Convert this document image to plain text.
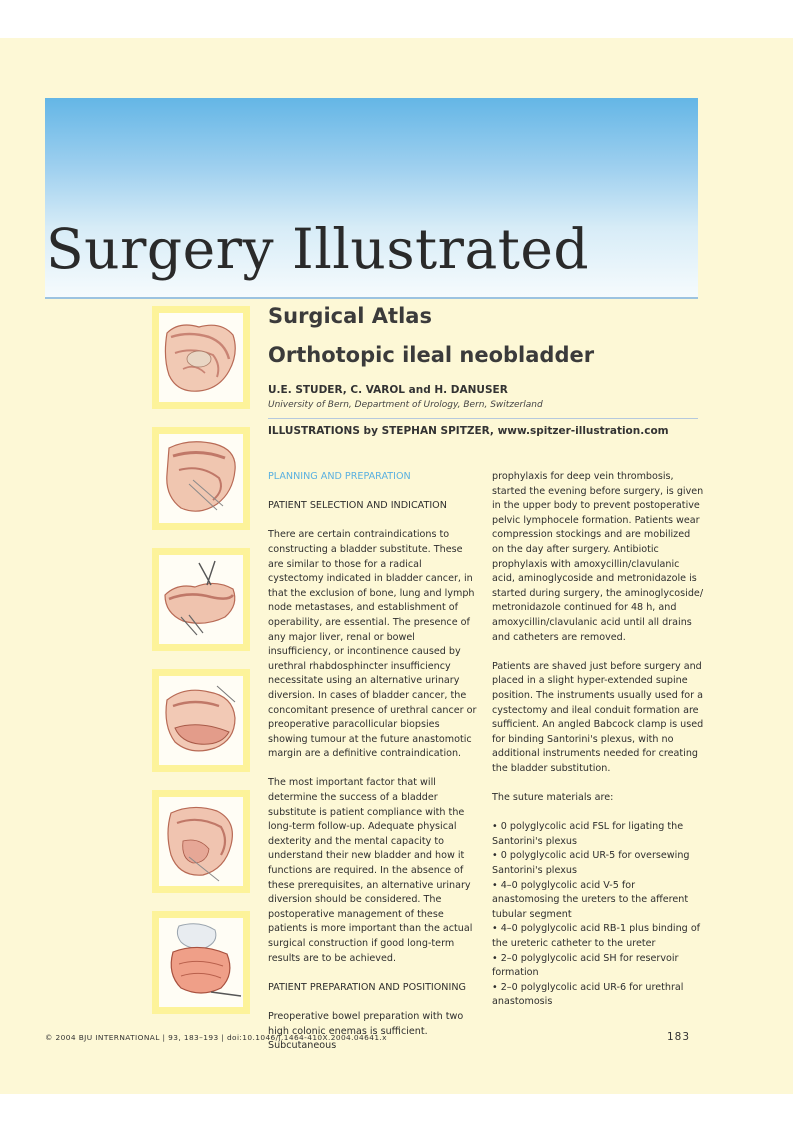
Surgery Illustrated
Surgical Atlas
Orthotopic ileal neobladder
U.E. STUDER, C. VAROL and H. DANUSER
University of Bern, Department of Urology, Bern, Switzerland
ILLUSTRATIONS by STEPHAN SPITZER, www.spitzer-illustration.com

PLANNING AND PREPARATION

PATIENT SELECTION AND INDICATION

There are certain contraindications to constructing a bladder substitute. These are similar to those for a radical cystectomy indicated in bladder cancer, in that the exclusion of bone, lung and lymph node metastases, and establishment of operability, are essential. The presence of any major liver, renal or bowel insufficiency, or incontinence caused by urethral rhabdosphincter insufficiency necessitate using an alternative urinary diversion. In cases of bladder cancer, the concomitant presence of urethral cancer or preoperative paracollicular biopsies showing tumour at the future anastomotic margin are a definitive contraindication.

The most important factor that will determine the success of a bladder substitute is patient compliance with the long-term follow-up. Adequate physical dexterity and the mental capacity to understand their new bladder and how it functions are required. In the absence of these prerequisites, an alternative urinary diversion should be considered. The postoperative management of these patients is more important than the actual surgical construction if good long-term results are to be achieved.

PATIENT PREPARATION AND POSITIONING

Preoperative bowel preparation with two high colonic enemas is sufficient. Subcutaneous

prophylaxis for deep vein thrombosis, started the evening before surgery, is given in the upper body to prevent postoperative pelvic lymphocele formation. Patients wear compression stockings and are mobilized on the day after surgery. Antibiotic prophylaxis with amoxycillin/clavulanic acid, aminoglycoside and metronidazole is started during surgery, the aminoglycoside/ metronidazole continued for 48 h, and amoxycillin/clavulanic acid until all drains and catheters are removed.

Patients are shaved just before surgery and placed in a slight hyper-extended supine position. The instruments usually used for a cystectomy and ileal conduit formation are sufficient. An angled Babcock clamp is used for binding Santorini's plexus, with no additional instruments needed for creating the bladder substitution.

The suture materials are:

• 0 polyglycolic acid FSL for ligating the Santorini's plexus
• 0 polyglycolic acid UR-5 for oversewing Santorini's plexus
• 4–0 polyglycolic acid V-5 for anastomosing the ureters to the afferent tubular segment
• 4–0 polyglycolic acid RB-1 plus binding of the ureteric catheter to the ureter
• 2–0 polyglycolic acid SH for reservoir formation
• 2–0 polyglycolic acid UR-6 for urethral anastomosis
© 2004 BJU INTERNATIONAL | 93, 183–193 | doi:10.1046/j.1464-410X.2004.04641.x	183
